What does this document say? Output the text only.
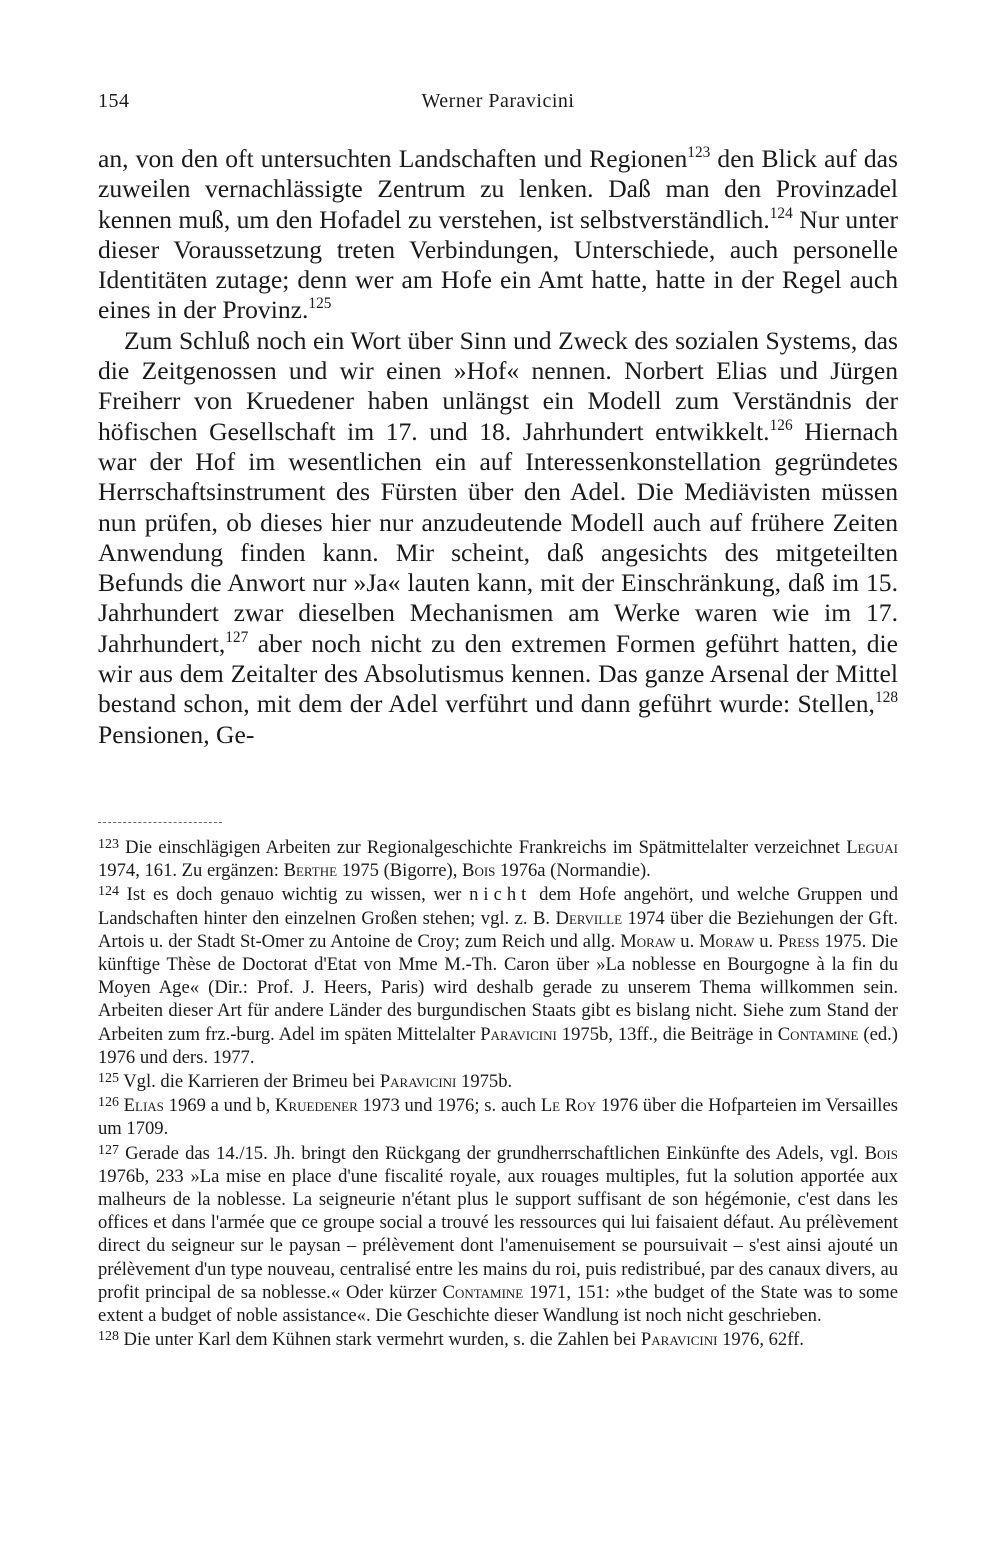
154	Werner Paravicini

an, von den oft untersuchten Landschaften und Regionen$^{123}$ den Blick auf das zuweilen vernachlässigte Zentrum zu lenken. Daß man den Provinzadel kennen muß, um den Hofadel zu verstehen, ist selbstverständlich.$^{124}$ Nur unter dieser Voraussetzung treten Verbindungen, Unterschiede, auch personelle Identitäten zutage; denn wer am Hofe ein Amt hatte, hatte in der Regel auch eines in der Provinz.$^{125}$

Zum Schluß noch ein Wort über Sinn und Zweck des sozialen Systems, das die Zeitgenossen und wir einen »Hof« nennen. Norbert Elias und Jürgen Freiherr von Kruedener haben unlängst ein Modell zum Verständnis der höfischen Gesellschaft im 17. und 18. Jahrhundert entwikkelt.$^{126}$ Hiernach war der Hof im wesentlichen ein auf Interessenkonstellation gegründetes Herrschaftsinstrument des Fürsten über den Adel. Die Mediävisten müssen nun prüfen, ob dieses hier nur anzudeutende Modell auch auf frühere Zeiten Anwendung finden kann. Mir scheint, daß angesichts des mitgeteilten Befunds die Anwort nur »Ja« lauten kann, mit der Einschränkung, daß im 15. Jahrhundert zwar dieselben Mechanismen am Werke waren wie im 17. Jahrhundert,$^{127}$ aber noch nicht zu den extremen Formen geführt hatten, die wir aus dem Zeitalter des Absolutismus kennen. Das ganze Arsenal der Mittel bestand schon, mit dem der Adel verführt und dann geführt wurde: Stellen,$^{128}$ Pensionen, Ge-

$^{123}$ Die einschlägigen Arbeiten zur Regionalgeschichte Frankreichs im Spätmittelalter verzeichnet Leguai 1974, 161. Zu ergänzen: Berthe 1975 (Bigorre), Bois 1976a (Normandie).

$^{124}$ Ist es doch genauo wichtig zu wissen, wer nicht dem Hofe angehört, und welche Gruppen und Landschaften hinter den einzelnen Großen stehen; vgl. z. B. Derville 1974 über die Beziehungen der Gft. Artois u. der Stadt St-Omer zu Antoine de Croy; zum Reich und allg. Moraw u. Moraw u. Press 1975. Die künftige Thèse de Doctorat d'Etat von Mme M.-Th. Caron über »La noblesse en Bourgogne à la fin du Moyen Age« (Dir.: Prof. J. Heers, Paris) wird deshalb gerade zu unserem Thema willkommen sein. Arbeiten dieser Art für andere Länder des burgundischen Staats gibt es bislang nicht. Siehe zum Stand der Arbeiten zum frz.-burg. Adel im späten Mittelalter Paravicini 1975b, 13ff., die Beiträge in Contamine (ed.) 1976 und ders. 1977.

$^{125}$ Vgl. die Karrieren der Brimeu bei Paravicini 1975b.

$^{126}$ Elias 1969 a und b, Kruedener 1973 und 1976; s. auch Le Roy 1976 über die Hofparteien im Versailles um 1709.

$^{127}$ Gerade das 14./15. Jh. bringt den Rückgang der grundherrschaftlichen Einkünfte des Adels, vgl. Bois 1976b, 233 »La mise en place d'une fiscalité royale, aux rouages multiples, fut la solution apportée aux malheurs de la noblesse. La seigneurie n'étant plus le support suffisant de son hégémonie, c'est dans les offices et dans l'armée que ce groupe social a trouvé les ressources qui lui faisaient défaut. Au prélèvement direct du seigneur sur le paysan – prélèvement dont l'amenuisement se poursuivait – s'est ainsi ajouté un prélèvement d'un type nouveau, centralisé entre les mains du roi, puis redistribué, par des canaux divers, au profit principal de sa noblesse.« Oder kürzer Contamine 1971, 151: »the budget of the State was to some extent a budget of noble assistance«. Die Geschichte dieser Wandlung ist noch nicht geschrieben.

$^{128}$ Die unter Karl dem Kühnen stark vermehrt wurden, s. die Zahlen bei Paravicini 1976, 62ff.
